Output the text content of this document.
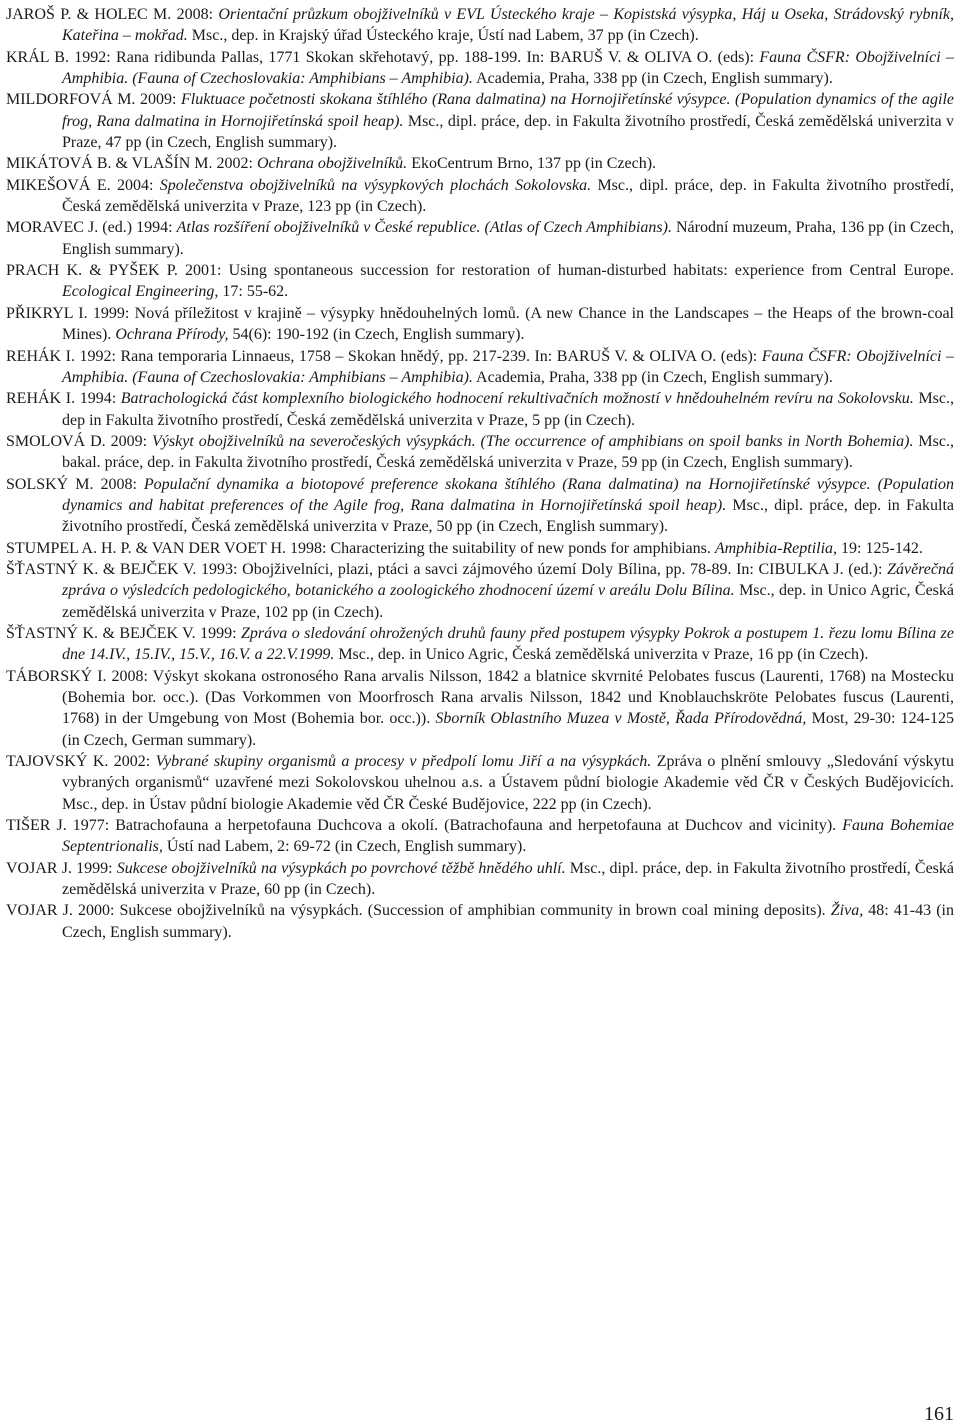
JAROŠ P. & HOLEC M. 2008: Orientační průzkum obojživelníků v EVL Ústeckého kraje – Kopistská výsypka, Háj u Oseka, Strádovský rybník, Kateřina – mokřad. Msc., dep. in Krajský úřad Ústeckého kraje, Ústí nad Labem, 37 pp (in Czech).

KRÁL B. 1992: Rana ridibunda Pallas, 1771 Skokan skřehotavý, pp. 188-199. In: BARUŠ V. & OLIVA O. (eds): Fauna ČSFR: Obojživelníci – Amphibia. (Fauna of Czechoslovakia: Amphibians – Amphibia). Academia, Praha, 338 pp (in Czech, English summary).

MILDORFOVÁ M. 2009: Fluktuace početnosti skokana štíhlého (Rana dalmatina) na Hornojiřetínské výsypce. (Population dynamics of the agile frog, Rana dalmatina in Hornojiřetínská spoil heap). Msc., dipl. práce, dep. in Fakulta životního prostředí, Česká zemědělská univerzita v Praze, 47 pp (in Czech, English summary).

MIKÁTOVÁ B. & VLAŠÍN M. 2002: Ochrana obojživelníků. EkoCentrum Brno, 137 pp (in Czech).

MIKEŠOVÁ E. 2004: Společenstva obojživelníků na výsypkových plochách Sokolovska. Msc., dipl. práce, dep. in Fakulta životního prostředí, Česká zemědělská univerzita v Praze, 123 pp (in Czech).

MORAVEC J. (ed.) 1994: Atlas rozšíření obojživelníků v České republice. (Atlas of Czech Amphibians). Národní muzeum, Praha, 136 pp (in Czech, English summary).

PRACH K. & PYŠEK P. 2001: Using spontaneous succession for restoration of human-disturbed habitats: experience from Central Europe. Ecological Engineering, 17: 55-62.

PŘIKRYL I. 1999: Nová příležitost v krajině – výsypky hnědouhelných lomů. (A new Chance in the Landscapes – the Heaps of the brown-coal Mines). Ochrana Přírody, 54(6): 190-192 (in Czech, English summary).

REHÁK I. 1992: Rana temporaria Linnaeus, 1758 – Skokan hnědý, pp. 217-239. In: BARUŠ V. & OLIVA O. (eds): Fauna ČSFR: Obojživelníci – Amphibia. (Fauna of Czechoslovakia: Amphibians – Amphibia). Academia, Praha, 338 pp (in Czech, English summary).

REHÁK I. 1994: Batrachologická část komplexního biologického hodnocení rekultivačních možností v hnědouhelném revíru na Sokolovsku. Msc., dep in Fakulta životního prostředí, Česká zemědělská univerzita v Praze, 5 pp (in Czech).

SMOLOVÁ D. 2009: Výskyt obojživelníků na severočeských výsypkách. (The occurrence of amphibians on spoil banks in North Bohemia). Msc., bakal. práce, dep. in Fakulta životního prostředí, Česká zemědělská univerzita v Praze, 59 pp (in Czech, English summary).

SOLSKÝ M. 2008: Populační dynamika a biotopové preference skokana štíhlého (Rana dalmatina) na Hornojiřetínské výsypce. (Population dynamics and habitat preferences of the Agile frog, Rana dalmatina in Hornojiřetínská spoil heap). Msc., dipl. práce, dep. in Fakulta životního prostředí, Česká zemědělská univerzita v Praze, 50 pp (in Czech, English summary).

STUMPEL A. H. P. & VAN DER VOET H. 1998: Characterizing the suitability of new ponds for amphibians. Amphibia-Reptilia, 19: 125-142.

ŠŤASTNÝ K. & BEJČEK V. 1993: Obojživelníci, plazi, ptáci a savci zájmového území Doly Bílina, pp. 78-89. In: CIBULKA J. (ed.): Závěrečná zpráva o výsledcích pedologického, botanického a zoologického zhodnocení území v areálu Dolu Bílina. Msc., dep. in Unico Agric, Česká zemědělská univerzita v Praze, 102 pp (in Czech).

ŠŤASTNÝ K. & BEJČEK V. 1999: Zpráva o sledování ohrožených druhů fauny před postupem výsypky Pokrok a postupem 1. řezu lomu Bílina ze dne 14.IV., 15.IV., 15.V., 16.V. a 22.V.1999. Msc., dep. in Unico Agric, Česká zemědělská univerzita v Praze, 16 pp (in Czech).

TÁBORSKÝ I. 2008: Výskyt skokana ostronosého Rana arvalis Nilsson, 1842 a blatnice skvrnité Pelobates fuscus (Laurenti, 1768) na Mostecku (Bohemia bor. occ.). (Das Vorkommen von Moorfrosch Rana arvalis Nilsson, 1842 und Knoblauchskröte Pelobates fuscus (Laurenti, 1768) in der Umgebung von Most (Bohemia bor. occ.)). Sborník Oblastního Muzea v Mostě, Řada Přírodovědná, Most, 29-30: 124-125 (in Czech, German summary).

TAJOVSKÝ K. 2002: Vybrané skupiny organismů a procesy v předpolí lomu Jiří a na výsypkách. Zpráva o plnění smlouvy „Sledování výskytu vybraných organismů“ uzavřené mezi Sokolovskou uhelnou a.s. a Ústavem půdní biologie Akademie věd ČR v Českých Budějovicích. Msc., dep. in Ústav půdní biologie Akademie věd ČR České Budějovice, 222 pp (in Czech).

TIŠER J. 1977: Batrachofauna a herpetofauna Duchcova a okolí. (Batrachofauna and herpetofauna at Duchcov and vicinity). Fauna Bohemiae Septentrionalis, Ústí nad Labem, 2: 69-72 (in Czech, English summary).

VOJAR J. 1999: Sukcese obojživelníků na výsypkách po povrchové těžbě hnědého uhlí. Msc., dipl. práce, dep. in Fakulta životního prostředí, Česká zemědělská univerzita v Praze, 60 pp (in Czech).

VOJAR J. 2000: Sukcese obojživelníků na výsypkách. (Succession of amphibian community in brown coal mining deposits). Živa, 48: 41-43 (in Czech, English summary).

161
